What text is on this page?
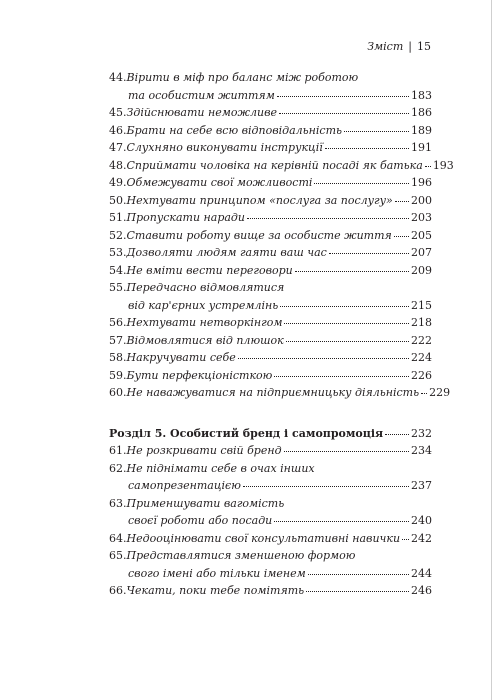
Зміст | 15
44. Вірити в міф про баланс між роботою
та особистим життям	183
45. Здійснювати неможливе	186
46. Брати на себе всю відповідальність	189
47. Слухняно виконувати інструкції	191
48. Сприймати чоловіка на керівній посаді як батька 193
49. Обмежувати свої можливості	196
50. Нехтувати принципом «послуга за послугу» 200
51. Пропускати наради	203
52. Ставити роботу вище за особисте життя 205
53. Дозволяти людям гаяти ваш час	207
54. Не вміти вести переговори	209
55. Передчасно відмовлятися
від кар'єрних устремлінь	215
56. Нехтувати нетворкінгом	218
57. Відмовлятися від плюшок	222
58. Накручувати себе	224
59. Бути перфекціоністкою	226
60. Не наважуватися на підприємницьку діяльність 229
Розділ 5. Особистий бренд і самопромоція	232
61. Не розкривати свій бренд	234
62. Не піднімати себе в очах інших
самопрезентацією	237
63. Применшувати вагомість
своєї роботи або посади	240
64. Недооцінювати свої консультативні навички 242
65. Представлятися зменшеною формою
свого імені або тільки іменем	244
66. Чекати, поки тебе помітять	246
